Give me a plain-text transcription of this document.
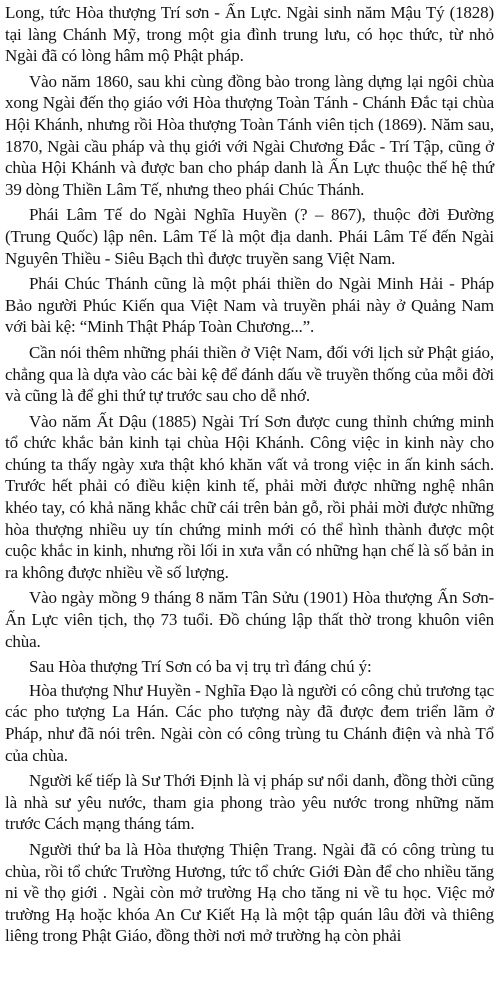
Long, tức Hòa thượng Trí sơn - Ấn Lực. Ngài sinh năm Mậu Tý (1828) tại làng Chánh Mỹ, trong một gia đình trung lưu, có học thức, từ nhỏ Ngài đã có lòng hâm mộ Phật pháp.

Vào năm 1860, sau khi cùng đồng bào trong làng dựng lại ngôi chùa xong Ngài đến thọ giáo với Hòa thượng Toàn Tánh - Chánh Đắc tại chùa Hội Khánh, nhưng rồi Hòa thượng Toàn Tánh viên tịch (1869). Năm sau, 1870, Ngài cầu pháp và thụ giới với Ngài Chương Đắc - Trí Tập, cũng ở chùa Hội Khánh và được ban cho pháp danh là Ấn Lực thuộc thế hệ thứ 39 dòng Thiền Lâm Tế, nhưng theo phái Chúc Thánh.

Phái Lâm Tế do Ngài Nghĩa Huyền (? – 867), thuộc đời Đường (Trung Quốc) lập nên. Lâm Tế là một địa danh. Phái Lâm Tế đến Ngài Nguyên Thiều - Siêu Bạch thì được truyền sang Việt Nam.

Phái Chúc Thánh cũng là một phái thiền do Ngài Minh Hải - Pháp Bảo người Phúc Kiến qua Việt Nam và truyền phái này ở Quảng Nam với bài kệ: “Minh Thật Pháp Toàn Chương...”.

Cần nói thêm những phái thiền ở Việt Nam, đối với lịch sử Phật giáo, chẳng qua là dựa vào các bài kệ để đánh dấu về truyền thống của mỗi đời và cũng là để ghi thứ tự trước sau cho dễ nhớ.

Vào năm Ất Dậu (1885) Ngài Trí Sơn được cung thỉnh chứng minh tổ chức khắc bản kinh tại chùa Hội Khánh. Công việc in kinh này cho chúng ta thấy ngày xưa thật khó khăn vất vả trong việc in ấn kinh sách. Trước hết phải có điều kiện kinh tế, phải mời được những nghệ nhân khéo tay, có khả năng khắc chữ cái trên bản gỗ, rồi phải mời được những hòa thượng nhiều uy tín chứng minh mới có thể hình thành được một cuộc khắc in kinh, nhưng rồi lối in xưa vẫn có những hạn chế là số bản in ra không được nhiều về số lượng.

Vào ngày mồng 9 tháng 8 năm Tân Sửu (1901) Hòa thượng Ấn Sơn- Ấn Lực viên tịch, thọ 73 tuổi. Đồ chúng lập thất thờ trong khuôn viên chùa.

Sau Hòa thượng Trí Sơn có ba vị trụ trì đáng chú ý:

Hòa thượng Như Huyền - Nghĩa Đạo là người có công chủ trương tạc các pho tượng La Hán. Các pho tượng này đã được đem triển lãm ở Pháp, như đã nói trên. Ngài còn có công trùng tu Chánh điện và nhà Tổ của chùa.

Người kế tiếp là Sư Thới Định là vị pháp sư nổi danh, đồng thời cũng là nhà sư yêu nước, tham gia phong trào yêu nước trong những năm trước Cách mạng tháng tám.

Người thứ ba là Hòa thượng Thiện Trang. Ngài đã có công trùng tu chùa, rồi tổ chức Trường Hương, tức tổ chức Giới Đàn để cho nhiều tăng ni về thọ giới . Ngài còn mở trường Hạ cho tăng ni về tu học. Việc mở trường Hạ hoặc khóa An Cư Kiết Hạ là một tập quán lâu đời và thiêng liêng trong Phật Giáo, đồng thời nơi mở trường hạ còn phải
